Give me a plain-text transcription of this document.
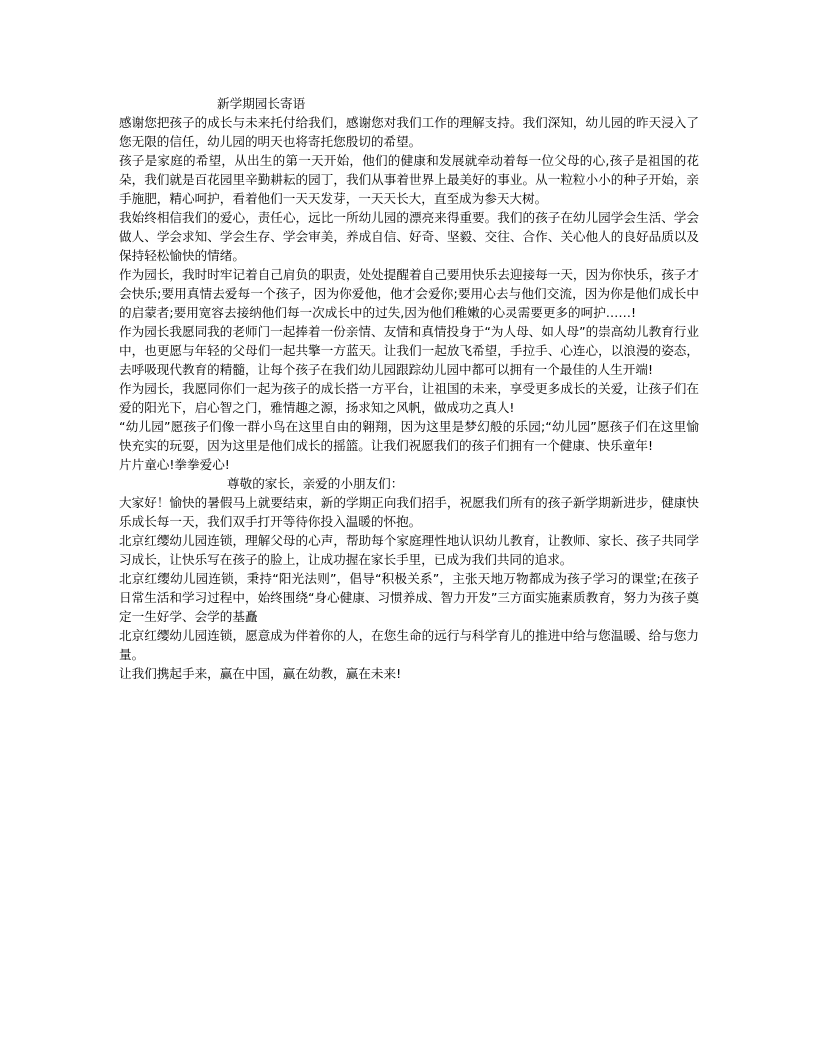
新学期园长寄语

感谢您把孩子的成长与未来托付给我们，感谢您对我们工作的理解支持。我们深知，幼儿园的昨天浸入了您无限的信任，幼儿园的明天也将寄托您殷切的希望。

孩子是家庭的希望，从出生的第一天开始，他们的健康和发展就牵动着每一位父母的心,孩子是祖国的花朵，我们就是百花园里辛勤耕耘的园丁，我们从事着世界上最美好的事业。从一粒粒小小的种子开始，亲手施肥，精心呵护，看着他们一天天发芽，一天天长大，直至成为参天大树。

我始终相信我们的爱心，责任心，远比一所幼儿园的漂亮来得重要。我们的孩子在幼儿园学会生活、学会做人、学会求知、学会生存、学会审美，养成自信、好奇、坚毅、交往、合作、关心他人的良好品质以及保持轻松愉快的情绪。

作为园长，我时时牢记着自己肩负的职责，处处提醒着自己要用快乐去迎接每一天，因为你快乐，孩子才会快乐;要用真情去爱每一个孩子，因为你爱他，他才会爱你;要用心去与他们交流，因为你是他们成长中的启蒙者;要用宽容去接纳他们每一次成长中的过失,因为他们稚嫩的心灵需要更多的呵护……!

作为园长我愿同我的老师门一起捧着一份亲情、友情和真情投身于“为人母、如人母”的崇高幼儿教育行业中，也更愿与年轻的父母们一起共擎一方蓝天。让我们一起放飞希望，手拉手、心连心，以浪漫的姿态，去呼吸现代教育的精髓，让每个孩子在我们幼儿园跟踪幼儿园中都可以拥有一个最佳的人生开端!

作为园长，我愿同你们一起为孩子的成长搭一方平台，让祖国的未来，享受更多成长的关爱，让孩子们在爱的阳光下，启心智之门，雅情趣之源，扬求知之风帆，做成功之真人!

“幼儿园”愿孩子们像一群小鸟在这里自由的翱翔，因为这里是梦幻般的乐园;“幼儿园”愿孩子们在这里愉快充实的玩耍，因为这里是他们成长的摇篮。让我们祝愿我们的孩子们拥有一个健康、快乐童年!

片片童心!拳拳爱心!

尊敬的家长，亲爱的小朋友们：

大家好！愉快的暑假马上就要结束，新的学期正向我们招手，祝愿我们所有的孩子新学期新进步，健康快乐成长每一天，我们双手打开等待你投入温暖的怀抱。

北京红缨幼儿园连锁，理解父母的心声，帮助每个家庭理性地认识幼儿教育，让教师、家长、孩子共同学习成长，让快乐写在孩子的脸上，让成功握在家长手里，已成为我们共同的追求。

北京红缨幼儿园连锁，秉持“阳光法则”，倡导“积极关系”，主张天地万物都成为孩子学习的课堂;在孩子日常生活和学习过程中，始终围绕“身心健康、习惯养成、智力开发”三方面实施素质教育，努力为孩子奠定一生好学、会学的基矗

北京红缨幼儿园连锁，愿意成为伴着你的人，在您生命的远行与科学育儿的推进中给与您温暖、给与您力量。

让我们携起手来，赢在中国，赢在幼教，赢在未来!
